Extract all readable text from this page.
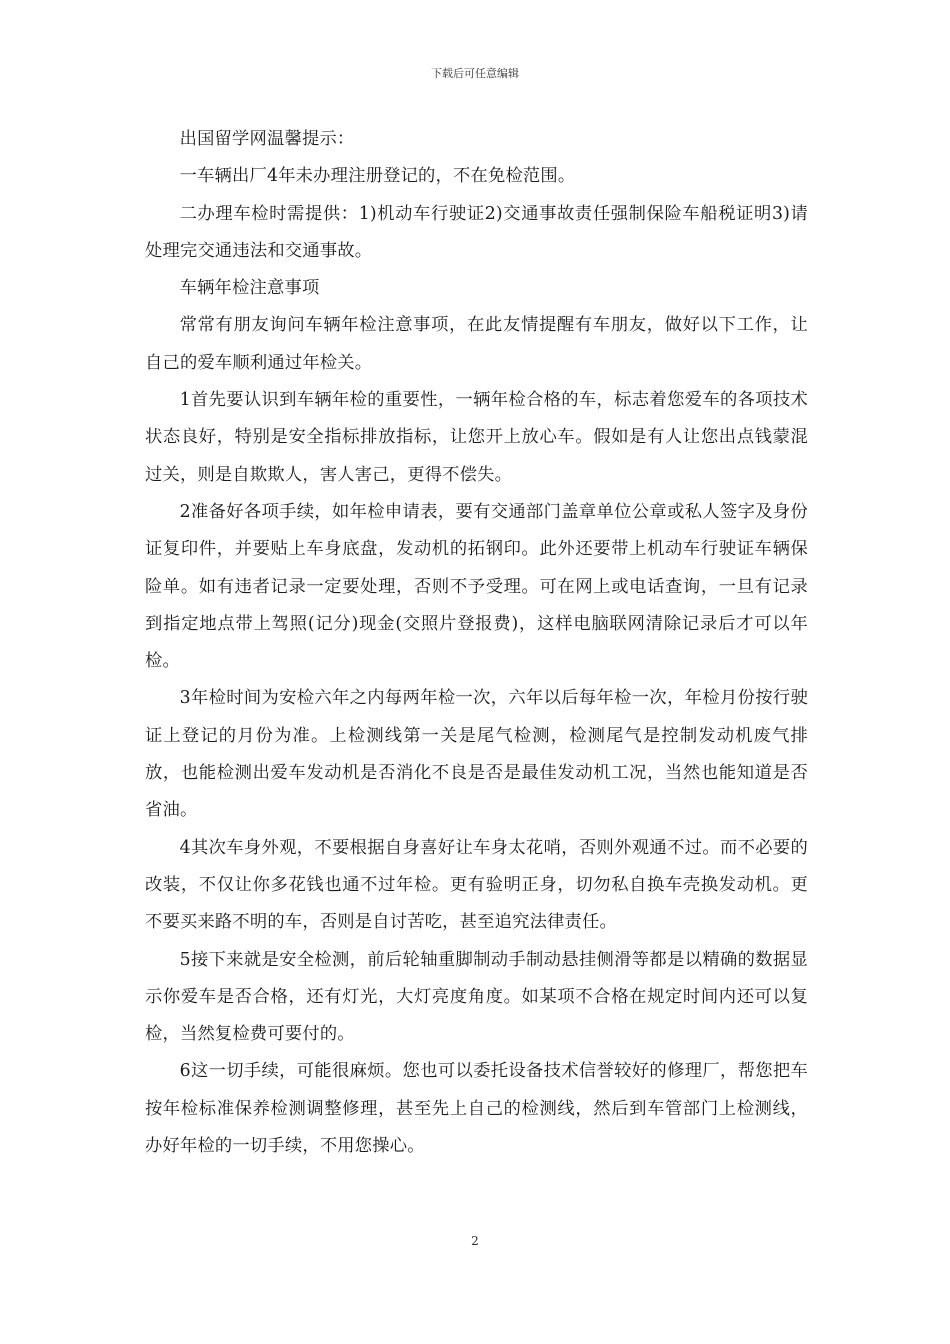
下载后可任意编辑

出国留学网温馨提示：

一车辆出厂4年未办理注册登记的，不在免检范围。

二办理车检时需提供：1)机动车行驶证2)交通事故责任强制保险车船税证明3)请处理完交通违法和交通事故。

车辆年检注意事项

常常有朋友询问车辆年检注意事项，在此友情提醒有车朋友，做好以下工作，让自己的爱车顺利通过年检关。

1首先要认识到车辆年检的重要性，一辆年检合格的车，标志着您爱车的各项技术状态良好，特别是安全指标排放指标，让您开上放心车。假如是有人让您出点钱蒙混过关，则是自欺欺人，害人害己，更得不偿失。

2准备好各项手续，如年检申请表，要有交通部门盖章单位公章或私人签字及身份证复印件，并要贴上车身底盘，发动机的拓钢印。此外还要带上机动车行驶证车辆保险单。如有违者记录一定要处理，否则不予受理。可在网上或电话查询，一旦有记录到指定地点带上驾照(记分)现金(交照片登报费)，这样电脑联网清除记录后才可以年检。

3年检时间为安检六年之内每两年检一次，六年以后每年检一次，年检月份按行驶证上登记的月份为准。上检测线第一关是尾气检测，检测尾气是控制发动机废气排放，也能检测出爱车发动机是否消化不良是否是最佳发动机工况，当然也能知道是否省油。

4其次车身外观，不要根据自身喜好让车身太花哨，否则外观通不过。而不必要的改装，不仅让你多花钱也通不过年检。更有验明正身，切勿私自换车壳换发动机。更不要买来路不明的车，否则是自讨苦吃，甚至追究法律责任。

5接下来就是安全检测，前后轮轴重脚制动手制动悬挂侧滑等都是以精确的数据显示你爱车是否合格，还有灯光，大灯亮度角度。如某项不合格在规定时间内还可以复检，当然复检费可要付的。

6这一切手续，可能很麻烦。您也可以委托设备技术信誉较好的修理厂，帮您把车按年检标准保养检测调整修理，甚至先上自己的检测线，然后到车管部门上检测线，办好年检的一切手续，不用您操心。

2
